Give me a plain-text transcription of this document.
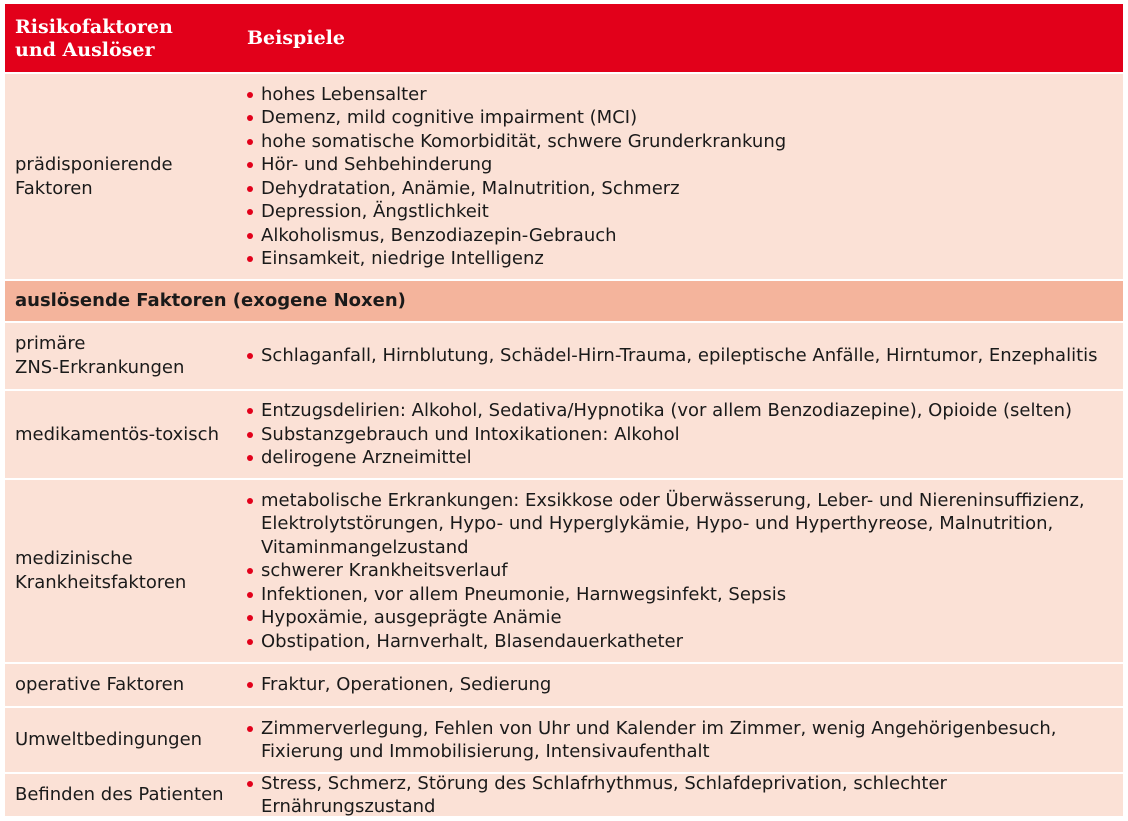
Risikofaktoren
und Auslöser
Beispiele
prädisponierende
Faktoren
hohes Lebensalter
Demenz, mild cognitive impairment (MCI)
hohe somatische Komorbidität, schwere Grunderkrankung
Hör- und Sehbehinderung
Dehydratation, Anämie, Malnutrition, Schmerz
Depression, Ängstlichkeit
Alkoholismus, Benzodiazepin-Gebrauch
Einsamkeit, niedrige Intelligenz
auslösende Faktoren (exogene Noxen)
primäre
ZNS-Erkrankungen
Schlaganfall, Hirnblutung, Schädel-Hirn-Trauma, epileptische Anfälle, Hirntumor, Enzephalitis
medikamentös-toxisch
Entzugsdelirien: Alkohol, Sedativa/Hypnotika (vor allem Benzodiazepine), Opioide (selten)
Substanzgebrauch und Intoxikationen: Alkohol
delirogene Arzneimittel
medizinische
Krankheitsfaktoren
metabolische Erkrankungen: Exsikkose oder Überwässerung, Leber- und Niereninsuffizienz,
Elektrolytstörungen, Hypo- und Hyperglykämie, Hypo- und Hyperthyreose, Malnutrition,
Vitaminmangelzustand
schwerer Krankheitsverlauf
Infektionen, vor allem Pneumonie, Harnwegsinfekt, Sepsis
Hypoxämie, ausgeprägte Anämie
Obstipation, Harnverhalt, Blasendauerkatheter
operative Faktoren	Fraktur, Operationen, Sedierung
Umweltbedingungen
Zimmerverlegung, Fehlen von Uhr und Kalender im Zimmer, wenig Angehörigenbesuch,
Fixierung und Immobilisierung, Intensivaufenthalt
Befinden des Patienten
Stress, Schmerz, Störung des Schlafrhythmus, Schlafdeprivation, schlechter Ernährungszustand
